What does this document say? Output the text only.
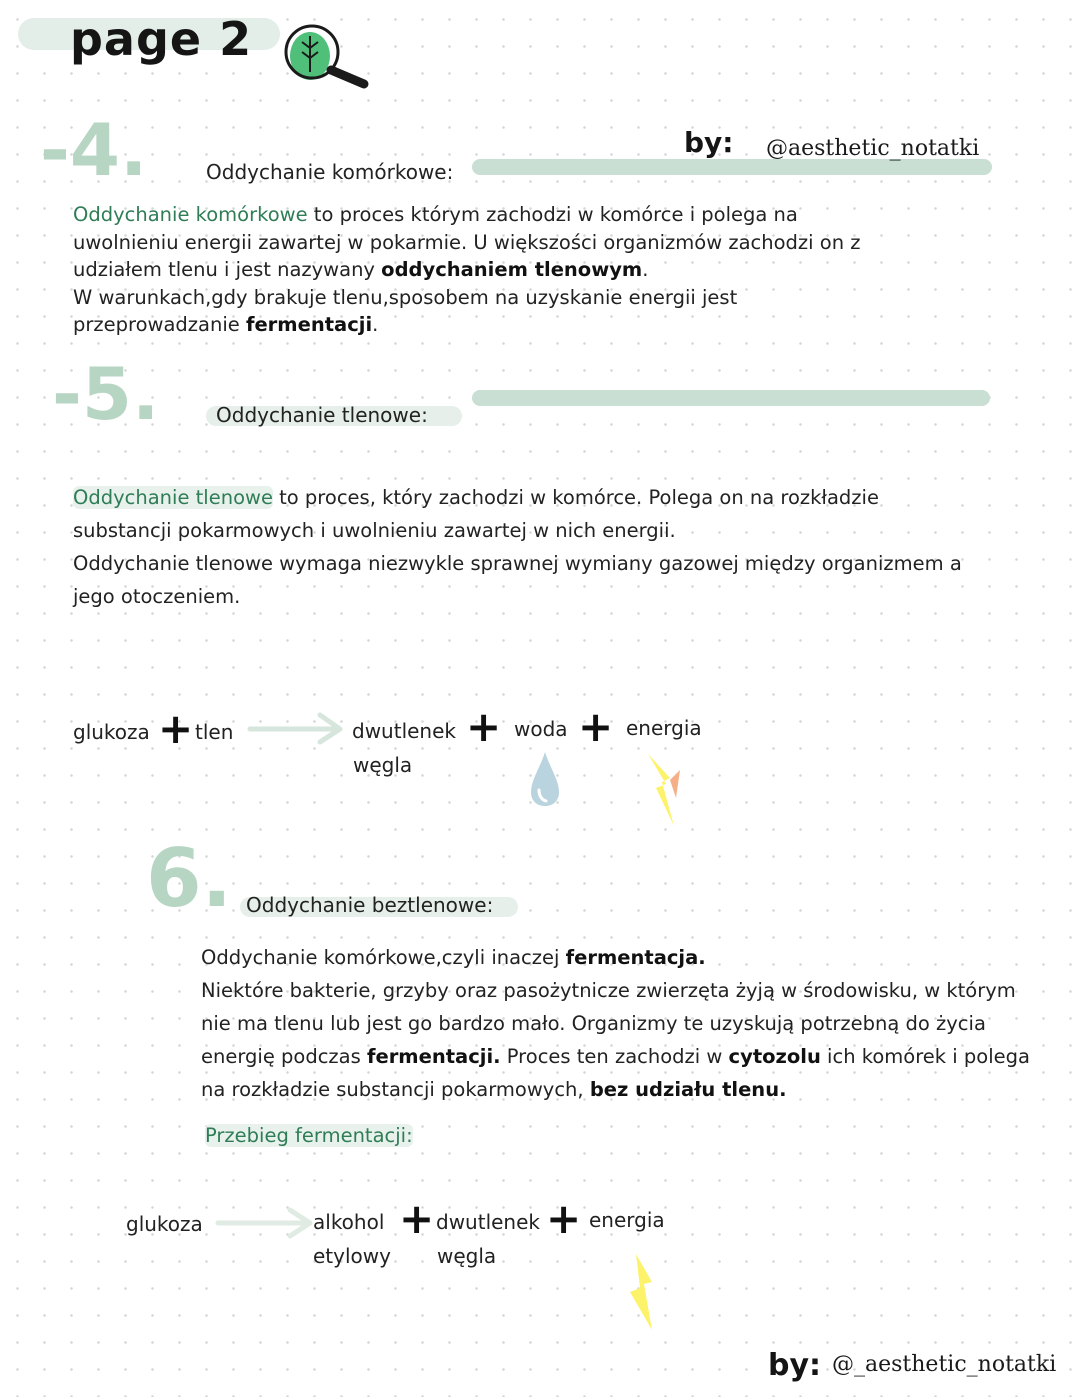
page 2
-4.	Oddychanie komórkowe:
by: @aesthetic_notatki
Oddychanie komórkowe to proces którym zachodzi w komórce i polega na uwolnieniu energii zawartej w pokarmie. U większości organizmów zachodzi on z udziałem tlenu i jest nazywany oddychaniem tlenowym.
W warunkach,gdy brakuje tlenu,sposobem na uzyskanie energii jest przeprowadzanie fermentacji.
-5.	Oddychanie tlenowe:
Oddychanie tlenowe to proces, który zachodzi w komórce. Polega on na rozkładzie substancji pokarmowych i uwolnieniu zawartej w nich energii.
Oddychanie tlenowe wymaga niezwykle sprawnej wymiany gazowej między organizmem a jego otoczeniem.
glukoza + tlen	dwutlenek
węgla
+ woda + energia
6. Oddychanie beztlenowe:
Oddychanie komórkowe,czyli inaczej fermentacja.
Niektóre bakterie, grzyby oraz pasożytnicze zwierzęta żyją w środowisku, w którym nie ma tlenu lub jest go bardzo mało. Organizmy te uzyskują potrzebną do życia energię podczas fermentacji. Proces ten zachodzi w cytozolu ich komórek i polega na rozkładzie substancji pokarmowych, bez udziału tlenu.
Przebieg fermentacji:
glukoza	alkohol
etylowy
+ dwutlenek
węgla
+ energia
by: @_aesthetic_notatki
